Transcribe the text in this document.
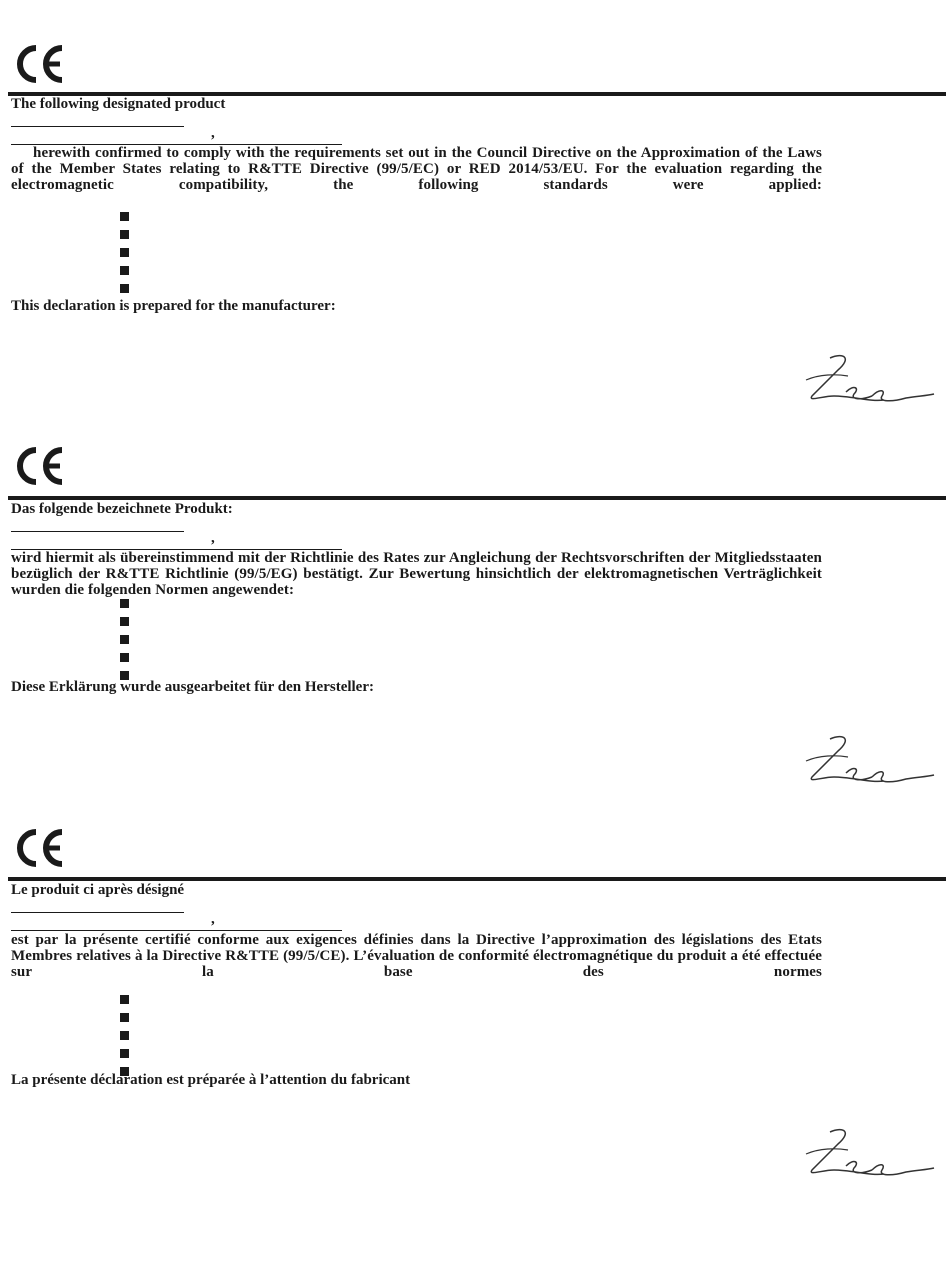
The following designated product
,
herewith confirmed to comply with the requirements set out in the Council Directive on the Approximation of the Laws of the Member States relating to R&TTE Directive (99/5/EC) or RED 2014/53/EU. For the evaluation regarding the electromagnetic compatibility, the following standards were applied:
This declaration is prepared for the manufacturer:
Das folgende bezeichnete Produkt:
,
wird hiermit als übereinstimmend mit der Richtlinie des Rates zur Angleichung der Rechtsvorschriften der Mitgliedsstaaten bezüglich der R&TTE Richtlinie (99/5/EG) bestätigt. Zur Bewertung hinsichtlich der elektromagnetischen Verträglichkeit wurden die folgenden Normen angewendet:
Diese Erklärung wurde ausgearbeitet für den Hersteller:
Le produit ci après désigné
,
est par la présente certifié conforme aux exigences définies dans la Directive l’approximation des législations des Etats Membres relatives à la Directive R&TTE (99/5/CE). L’évaluation de conformité électromagnétique du produit a été effectuée sur la base des normes
La présente déclaration est préparée à l’attention du fabricant
